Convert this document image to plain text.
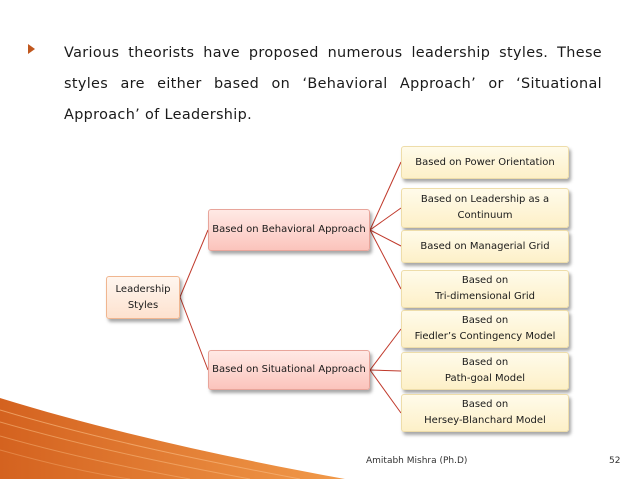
Various theorists have proposed numerous leadership styles. These styles are either based on ‘Behavioral Approach’ or ‘Situational Approach’ of Leadership.
Leadership
Styles
Based on Behavioral Approach
Based on Situational Approach
Based on Power Orientation
Based on Leadership as a
Continuum
Based on Managerial Grid
Based on
Tri-dimensional Grid
Based on
Fiedler’s Contingency Model
Based on
Path-goal Model
Based on
Hersey-Blanchard Model
Amitabh Mishra (Ph.D)	52
